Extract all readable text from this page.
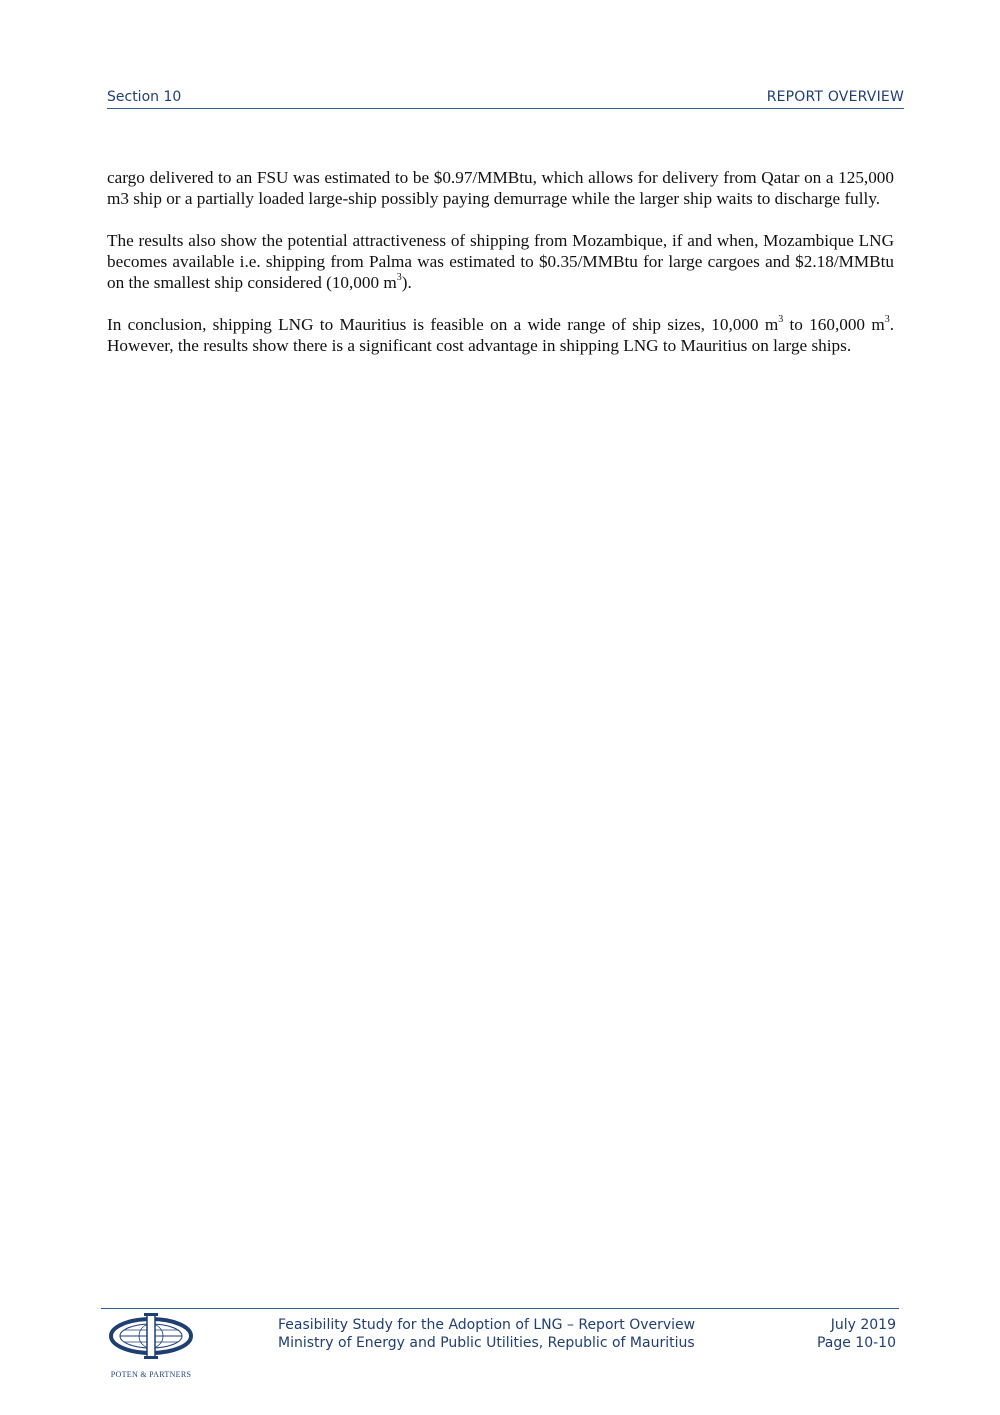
Section 10	REPORT OVERVIEW

cargo delivered to an FSU was estimated to be $0.97/MMBtu, which allows for delivery from Qatar on a 125,000 m3 ship or a partially loaded large-ship possibly paying demurrage while the larger ship waits to discharge fully.

The results also show the potential attractiveness of shipping from Mozambique, if and when, Mozambique LNG becomes available i.e. shipping from Palma was estimated to $0.35/MMBtu for large cargoes and $2.18/MMBtu on the smallest ship considered (10,000 $m^3$).

In conclusion, shipping LNG to Mauritius is feasible on a wide range of ship sizes, 10,000 $m^3$ to 160,000 $m^3$. However, the results show there is a significant cost advantage in shipping LNG to Mauritius on large ships.

POTEN & PARTNERS
Feasibility Study for the Adoption of LNG – Report Overview	July 2019
Ministry of Energy and Public Utilities, Republic of Mauritius	Page 10-10
